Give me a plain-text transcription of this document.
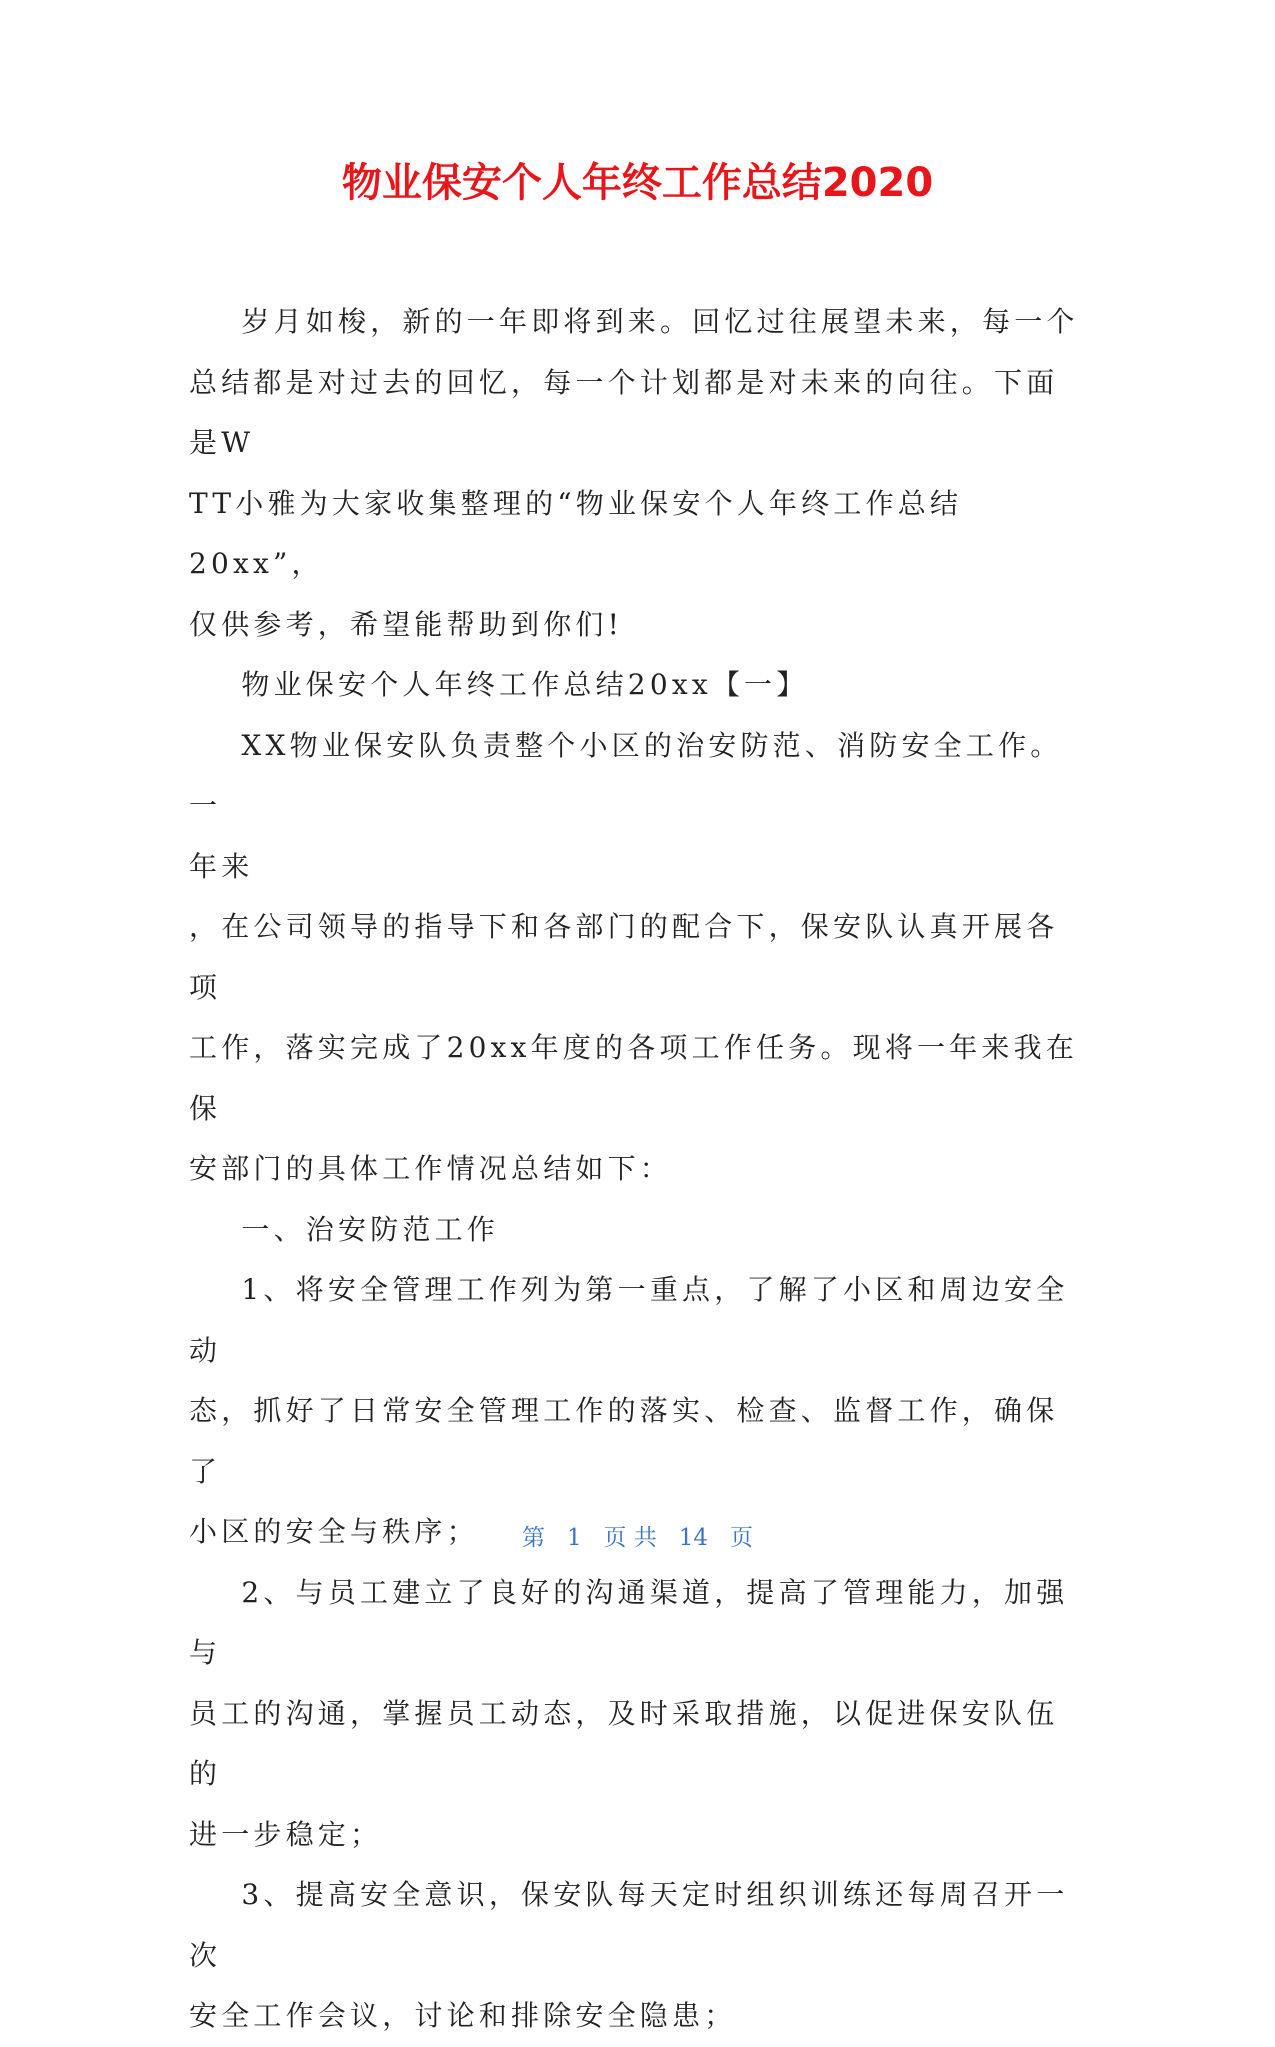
物业保安个人年终工作总结2020

岁月如梭，新的一年即将到来。回忆过往展望未来，每一个

总结都是对过去的回忆，每一个计划都是对未来的向往。下面是W

TT小雅为大家收集整理的“物业保安个人年终工作总结20xx”，

仅供参考，希望能帮助到你们!

物业保安个人年终工作总结20xx【一】

XX物业保安队负责整个小区的治安防范、消防安全工作。一

年来

，在公司领导的指导下和各部门的配合下，保安队认真开展各项

工作，落实完成了20xx年度的各项工作任务。现将一年来我在保

安部门的具体工作情况总结如下：

一、治安防范工作

1、将安全管理工作列为第一重点，了解了小区和周边安全动

态，抓好了日常安全管理工作的落实、检查、监督工作，确保了

小区的安全与秩序；

2、与员工建立了良好的沟通渠道，提高了管理能力，加强与

员工的沟通，掌握员工动态，及时采取措施，以促进保安队伍的

进一步稳定；

3、提高安全意识，保安队每天定时组织训练还每周召开一次

安全工作会议，讨论和排除安全隐患；

第 1 页 共 14 页
